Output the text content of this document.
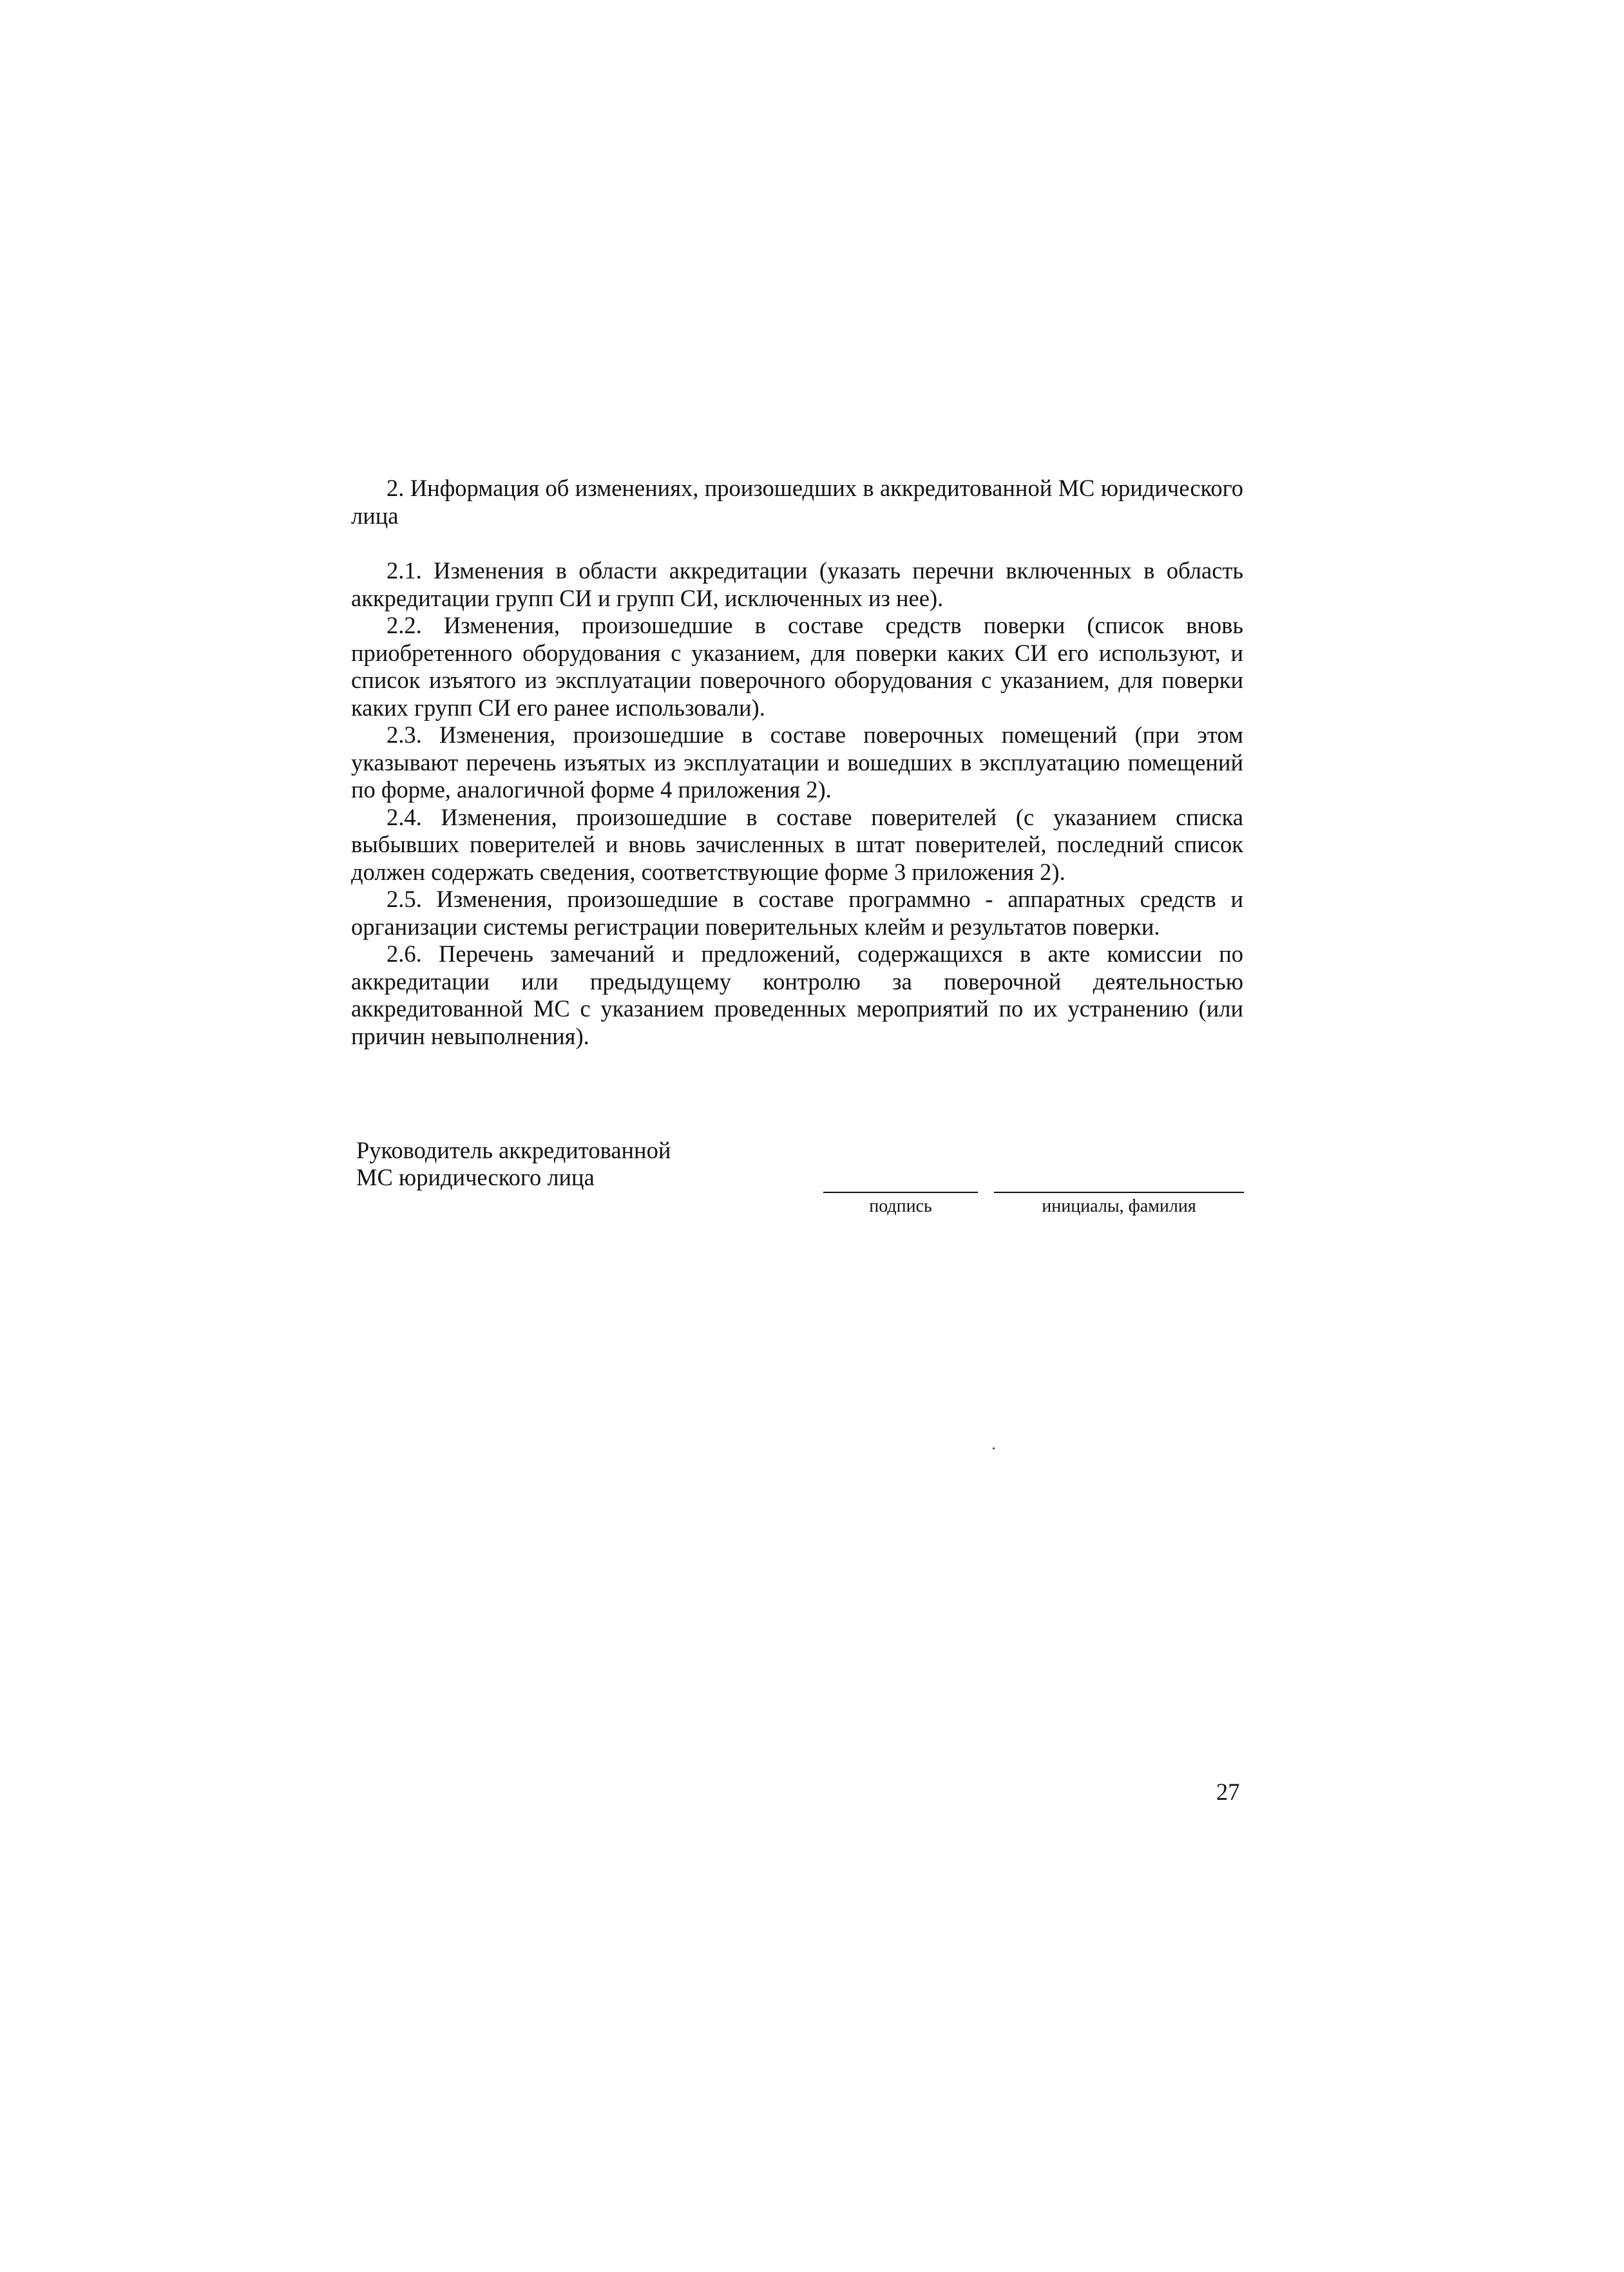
2. Информация об изменениях, произошедших в аккредитованной МС юридического лица

2.1. Изменения в области аккредитации (указать перечни включенных в область аккредитации групп СИ и групп СИ, исключенных из нее).

2.2. Изменения, произошедшие в составе средств поверки (список вновь приобретенного оборудования с указанием, для поверки каких СИ его используют, и список изъятого из эксплуатации поверочного оборудования с указанием, для поверки каких групп СИ его ранее использовали).

2.3. Изменения, произошедшие в составе поверочных помещений (при этом указывают перечень изъятых из эксплуатации и вошедших в эксплуатацию помещений по форме, аналогичной форме 4 приложения 2).

2.4. Изменения, произошедшие в составе поверителей (с указанием списка выбывших поверителей и вновь зачисленных в штат поверителей, последний список должен содержать сведения, соответствующие форме 3 приложения 2).

2.5. Изменения, произошедшие в составе программно - аппаратных средств и организации системы регистрации поверительных клейм и результатов поверки.

2.6. Перечень замечаний и предложений, содержащихся в акте комиссии по аккредитации или предыдущему контролю за поверочной деятельностью аккредитованной МС с указанием проведенных мероприятий по их устранению (или причин невыполнения).

Руководитель аккредитованной
МС юридического лица
подпись	инициалы, фамилия
27
